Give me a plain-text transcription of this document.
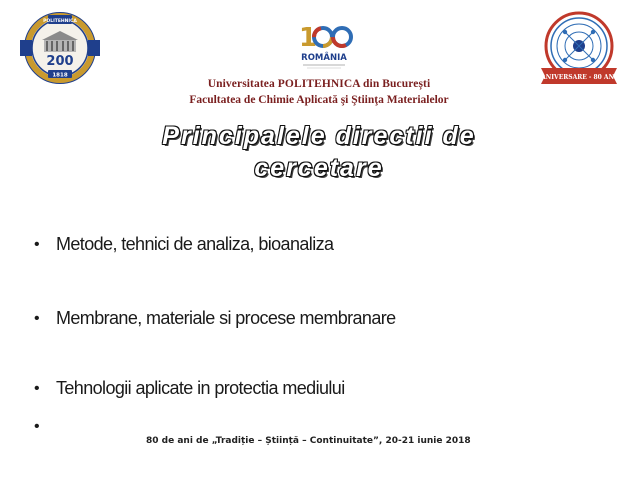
POLITEHNICA
200
1818
1
ROMÂNIA
ANIVERSARE - 80 ANI
Universitatea POLITEHNICA din București
Facultatea de Chimie Aplicată şi Ştiinţa Materialelor
Principalele directii de
cercetare
• Metode, tehnici de analiza, bioanaliza
• Membrane, materiale si procese membranare
• Tehnologii aplicate in protectia mediului
•
80 de ani de „Tradiție – Știință – Continuitate”, 20-21 iunie 2018
